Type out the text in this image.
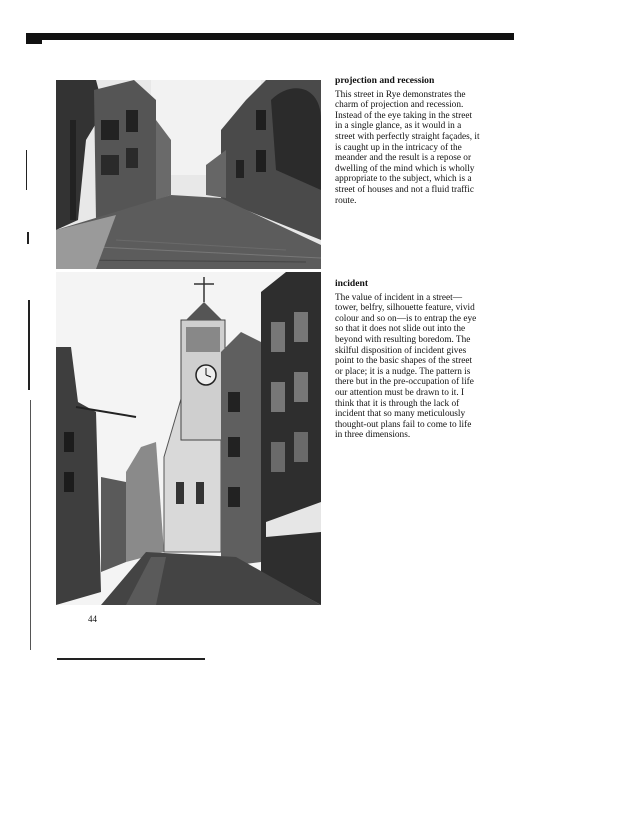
projection and recession

This street in Rye demonstrates the charm of projection and recession. Instead of the eye taking in the street in a single glance, as it would in a street with perfectly straight façades, it is caught up in the intricacy of the meander and the result is a repose or dwelling of the mind which is wholly appropriate to the subject, which is a street of houses and not a fluid traffic route.

incident

The value of incident in a street—tower, belfry, silhouette feature, vivid colour and so on—is to entrap the eye so that it does not slide out into the beyond with resulting boredom. The skilful disposition of incident gives point to the basic shapes of the street or place; it is a nudge. The pattern is there but in the pre-occupation of life our attention must be drawn to it. I think that it is through the lack of incident that so many meticulously thought-out plans fail to come to life in three dimensions.

44
